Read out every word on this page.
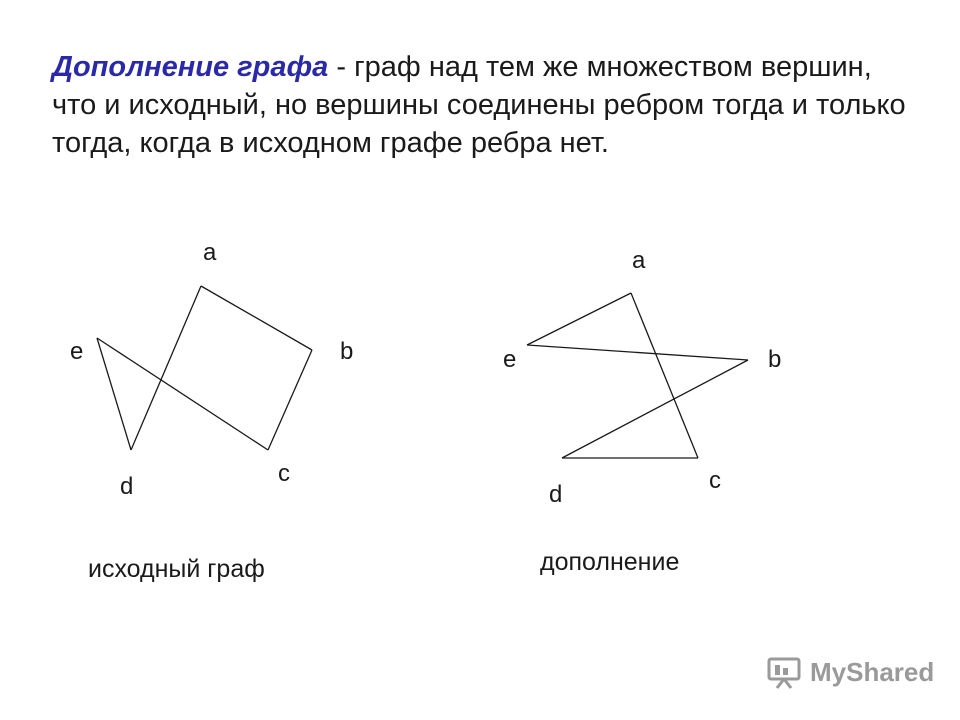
Дополнение графа - граф над тем же множеством вершин, что и исходный, но вершины соединены ребром тогда и только тогда, когда в исходном графе ребра нет.
a
b
c
d
e
a
b
c
d
e
исходный граф	дополнение
MyShared
